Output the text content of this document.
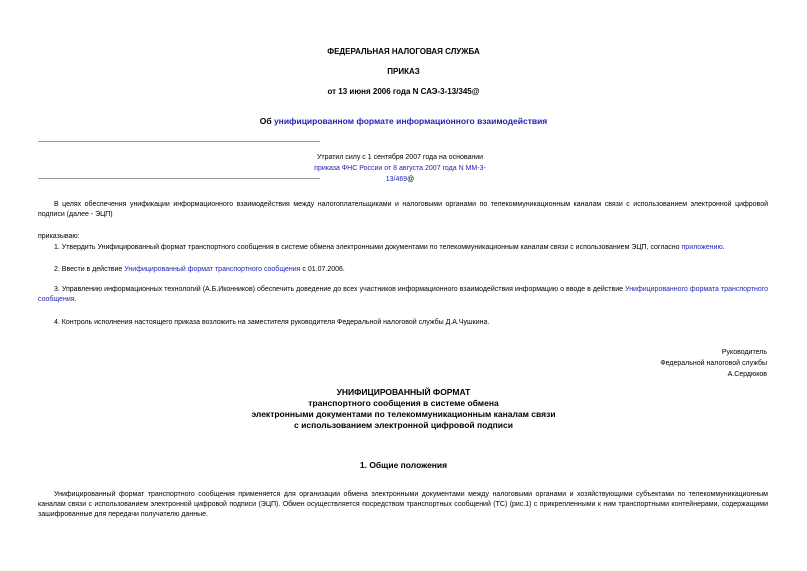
ФЕДЕРАЛЬНАЯ НАЛОГОВАЯ СЛУЖБА
ПРИКАЗ
от 13 июня 2006 года N САЭ-3-13/345@
Об унифицированном формате информационного взаимодействия
Утратил силу с 1 сентября 2007 года на основании
приказа ФНС России от 8 августа 2007 года N ММ-3-13/469@
В целях обеспечения унификации информационного взаимодействия между налогоплательщиками и налоговыми органами по телекоммуникационным каналам связи с использованием электронной цифровой подписи (далее - ЭЦП)
приказываю:
1. Утвердить Унифицированный формат транспортного сообщения в системе обмена электронными документами по телекоммуникационным каналам связи с использованием ЭЦП, согласно приложению.
2. Ввести в действие Унифицированный формат транспортного сообщения с 01.07.2006.
3. Управлению информационных технологий (А.Б.Иконников) обеспечить доведение до всех участников информационного взаимодействия информацию о вводе в действие Унифицированного формата транспортного сообщения.
4. Контроль исполнения настоящего приказа возложить на заместителя руководителя Федеральной налоговой службы Д.А.Чушкина.
Руководитель
Федеральной налоговой службы
А.Сердюков
УНИФИЦИРОВАННЫЙ ФОРМАТ
транспортного сообщения в системе обмена
электронными документами по телекоммуникационным каналам связи
с использованием электронной цифровой подписи
1. Общие положения
Унифицированный формат транспортного сообщения применяется для организации обмена электронными документами между налоговыми органами и хозяйствующими субъектами по телекоммуникационным каналам связи с использованием электронной цифровой подписи (ЭЦП). Обмен осуществляется посредством транспортных сообщений (ТС) (рис.1) с прикрепленными к ним транспортными контейнерами, содержащими зашифрованные для передачи получателю данные.
